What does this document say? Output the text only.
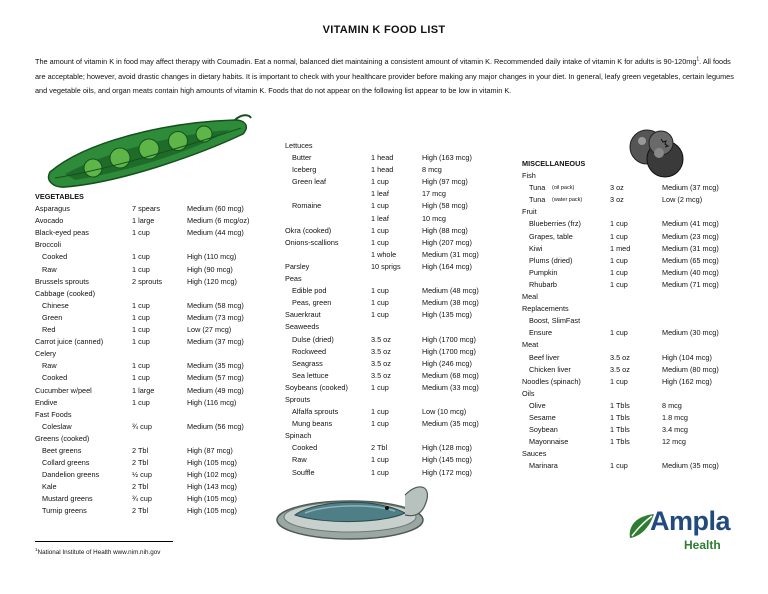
VITAMIN K FOOD LIST
The amount of vitamin K in food may affect therapy with Coumadin. Eat a normal, balanced diet maintaining a consistent amount of vitamin K. Recommended daily intake of vitamin K for adults is $90-120mg^1$. All foods are acceptable; however, avoid drastic changes in dietary habits. It is important to check with your healthcare provider before making any major changes in your diet. In general, leafy green vegetables, certain legumes and vegetable oils, and organ meats contain high amounts of vitamin K. Foods that do not appear on the following list appear to be low in vitamin K.
VEGETABLES
Asparagus	7 spears	Medium (60 mcg)
Avocado	1 large	Medium (6 mcg/oz)
Black-eyed peas	1 cup	Medium (44 mcg)
Broccoli
Cooked	1 cup	High (110 mcg)
Raw	1 cup	High (90 mcg)
Brussels sprouts	2 sprouts	High (120 mcg)
Cabbage (cooked)
Chinese	1 cup	Medium (58 mcg)
Green	1 cup	Medium (73 mcg)
Red	1 cup	Low (27 mcg)
Carrot juice (canned)	1 cup	Medium (37 mcg)
Celery
Raw	1 cup	Medium (35 mcg)
Cooked	1 cup	Medium (57 mcg)
Cucumber w/peel	1 large	Medium (49 mcg)
Endive	1 cup	High (116 mcg)
Fast Foods
Coleslaw	¾ cup	Medium (56 mcg)
Greens (cooked)
Beet greens	2 Tbl	High (87 mcg)
Collard greens	2 Tbl	High (105 mcg)
Dandelion greens	½ cup	High (102 mcg)
Kale	2 Tbl	High (143 mcg)
Mustard greens	¾ cup	High (105 mcg)
Turnip greens	2 Tbl	High (105 mcg)
Lettuces
Butter	1 head	High (163 mcg)
Iceberg	1 head	8 mcg
Green leaf	1 cup	High (97 mcg)
1 leaf	17 mcg
Romaine	1 cup	High (58 mcg)
1 leaf	10 mcg
Okra (cooked)	1 cup	High (88 mcg)
Onions-scallions	1 cup	High (207 mcg)
1 whole	Medium (31 mcg)
Parsley	10 sprigs	High (164 mcg)
Peas
Edible pod	1 cup	Medium (48 mcg)
Peas, green	1 cup	Medium (38 mcg)
Sauerkraut	1 cup	High (135 mcg)
Seaweeds
Dulse (dried)	3.5 oz	High (1700 mcg)
Rockweed	3.5 oz	High (1700 mcg)
Seagrass	3.5 oz	High (246 mcg)
Sea lettuce	3.5 oz	Medium (68 mcg)
Soybeans (cooked)	1 cup	Medium (33 mcg)
Sprouts
Alfalfa sprouts	1 cup	Low (10 mcg)
Mung beans	1 cup	Medium (35 mcg)
Spinach
Cooked	2 Tbl	High (128 mcg)
Raw	1 cup	High (145 mcg)
Souffle	1 cup	High (172 mcg)
MISCELLANEOUS
Fish
Tuna (oil pack)	3 oz	Medium (37 mcg)
Tuna (water pack)	3 oz	Low (2 mcg)
Fruit
Blueberries (frz)	1 cup	Medium (41 mcg)
Grapes, table	1 cup	Medium (23 mcg)
Kiwi	1 med	Medium (31 mcg)
Plums (dried)	1 cup	Medium (65 mcg)
Pumpkin	1 cup	Medium (40 mcg)
Rhubarb	1 cup	Medium (71 mcg)
Meal
Replacements
Boost, SlimFast
Ensure	1 cup	Medium (30 mcg)
Meat
Beef liver	3.5 oz	High (104 mcg)
Chicken liver	3.5 oz	Medium (80 mcg)
Noodles (spinach)	1 cup	High (162 mcg)
Oils
Olive	1 Tbls	8 mcg
Sesame	1 Tbls	1.8 mcg
Soybean	1 Tbls	3.4 mcg
Mayonnaise	1 Tbls	12 mcg
Sauces
Marinara	1 cup	Medium (35 mcg)
$^1$National Institute of Health www.nim.nih.gov
Ampla
Health
